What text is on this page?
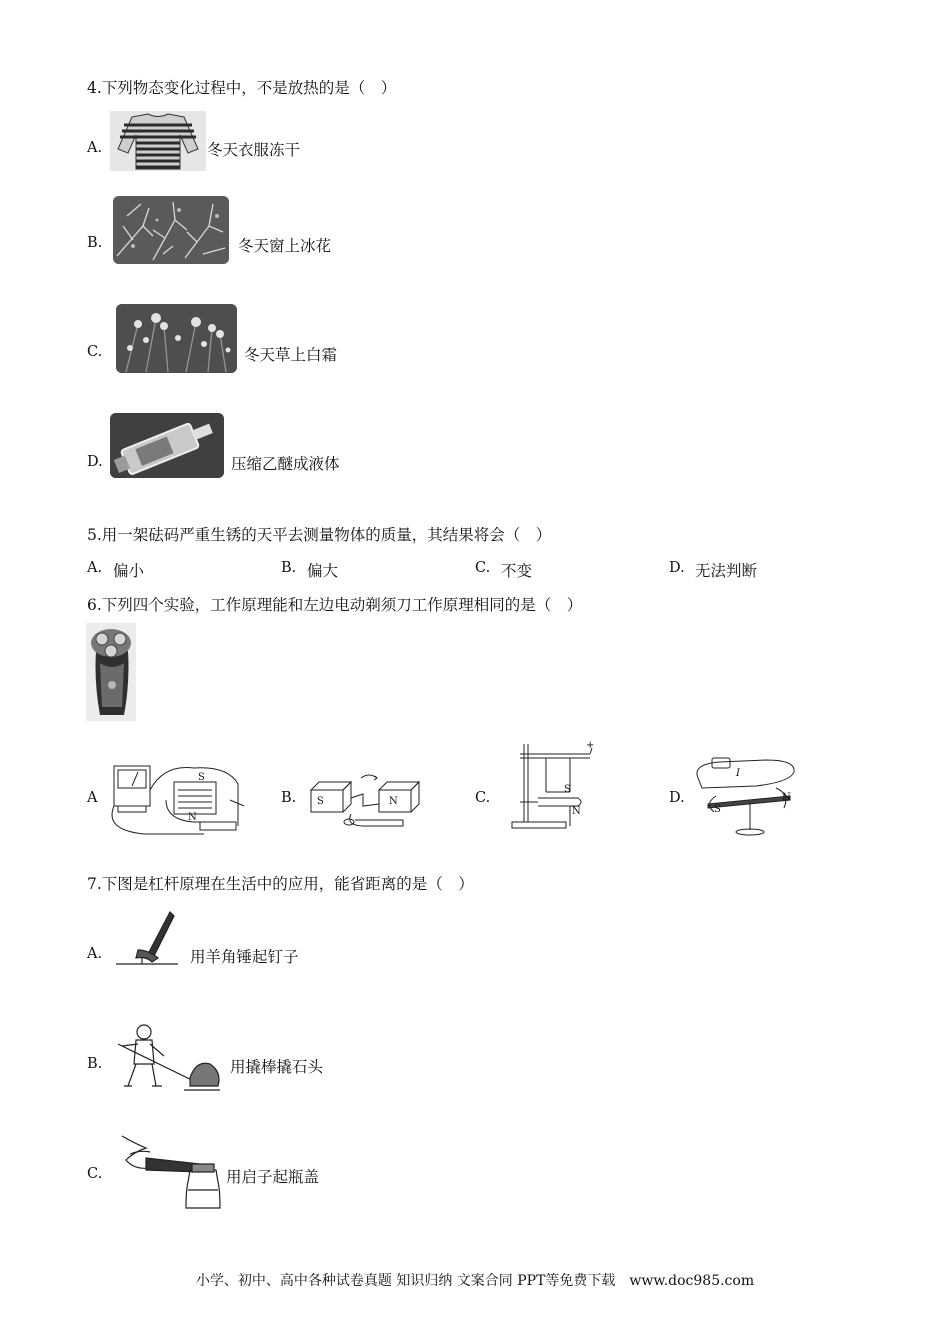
4.下列物态变化过程中，不是放热的是（　）
A.	冬天衣服冻干
B.	冬天窗上冰花
C.	冬天草上白霜
D.	压缩乙醚成液体
5.用一架砝码严重生锈的天平去测量物体的质量，其结果将会（　）
A. 偏小	B. 偏大	C. 不变	D. 无法判断
6.下列四个实验，工作原理能和左边电动剃须刀工作原理相同的是（　）
A
S
N
B. S	N	C.
S
N
+
D.
S
N
I
7.下图是杠杆原理在生活中的应用，能省距离的是（　）
A.	用羊角锤起钉子
B.	用撬棒撬石头
C.	用启子起瓶盖
小学、初中、高中各种试卷真题 知识归纳 文案合同 PPT等免费下载　www.doc985.com
